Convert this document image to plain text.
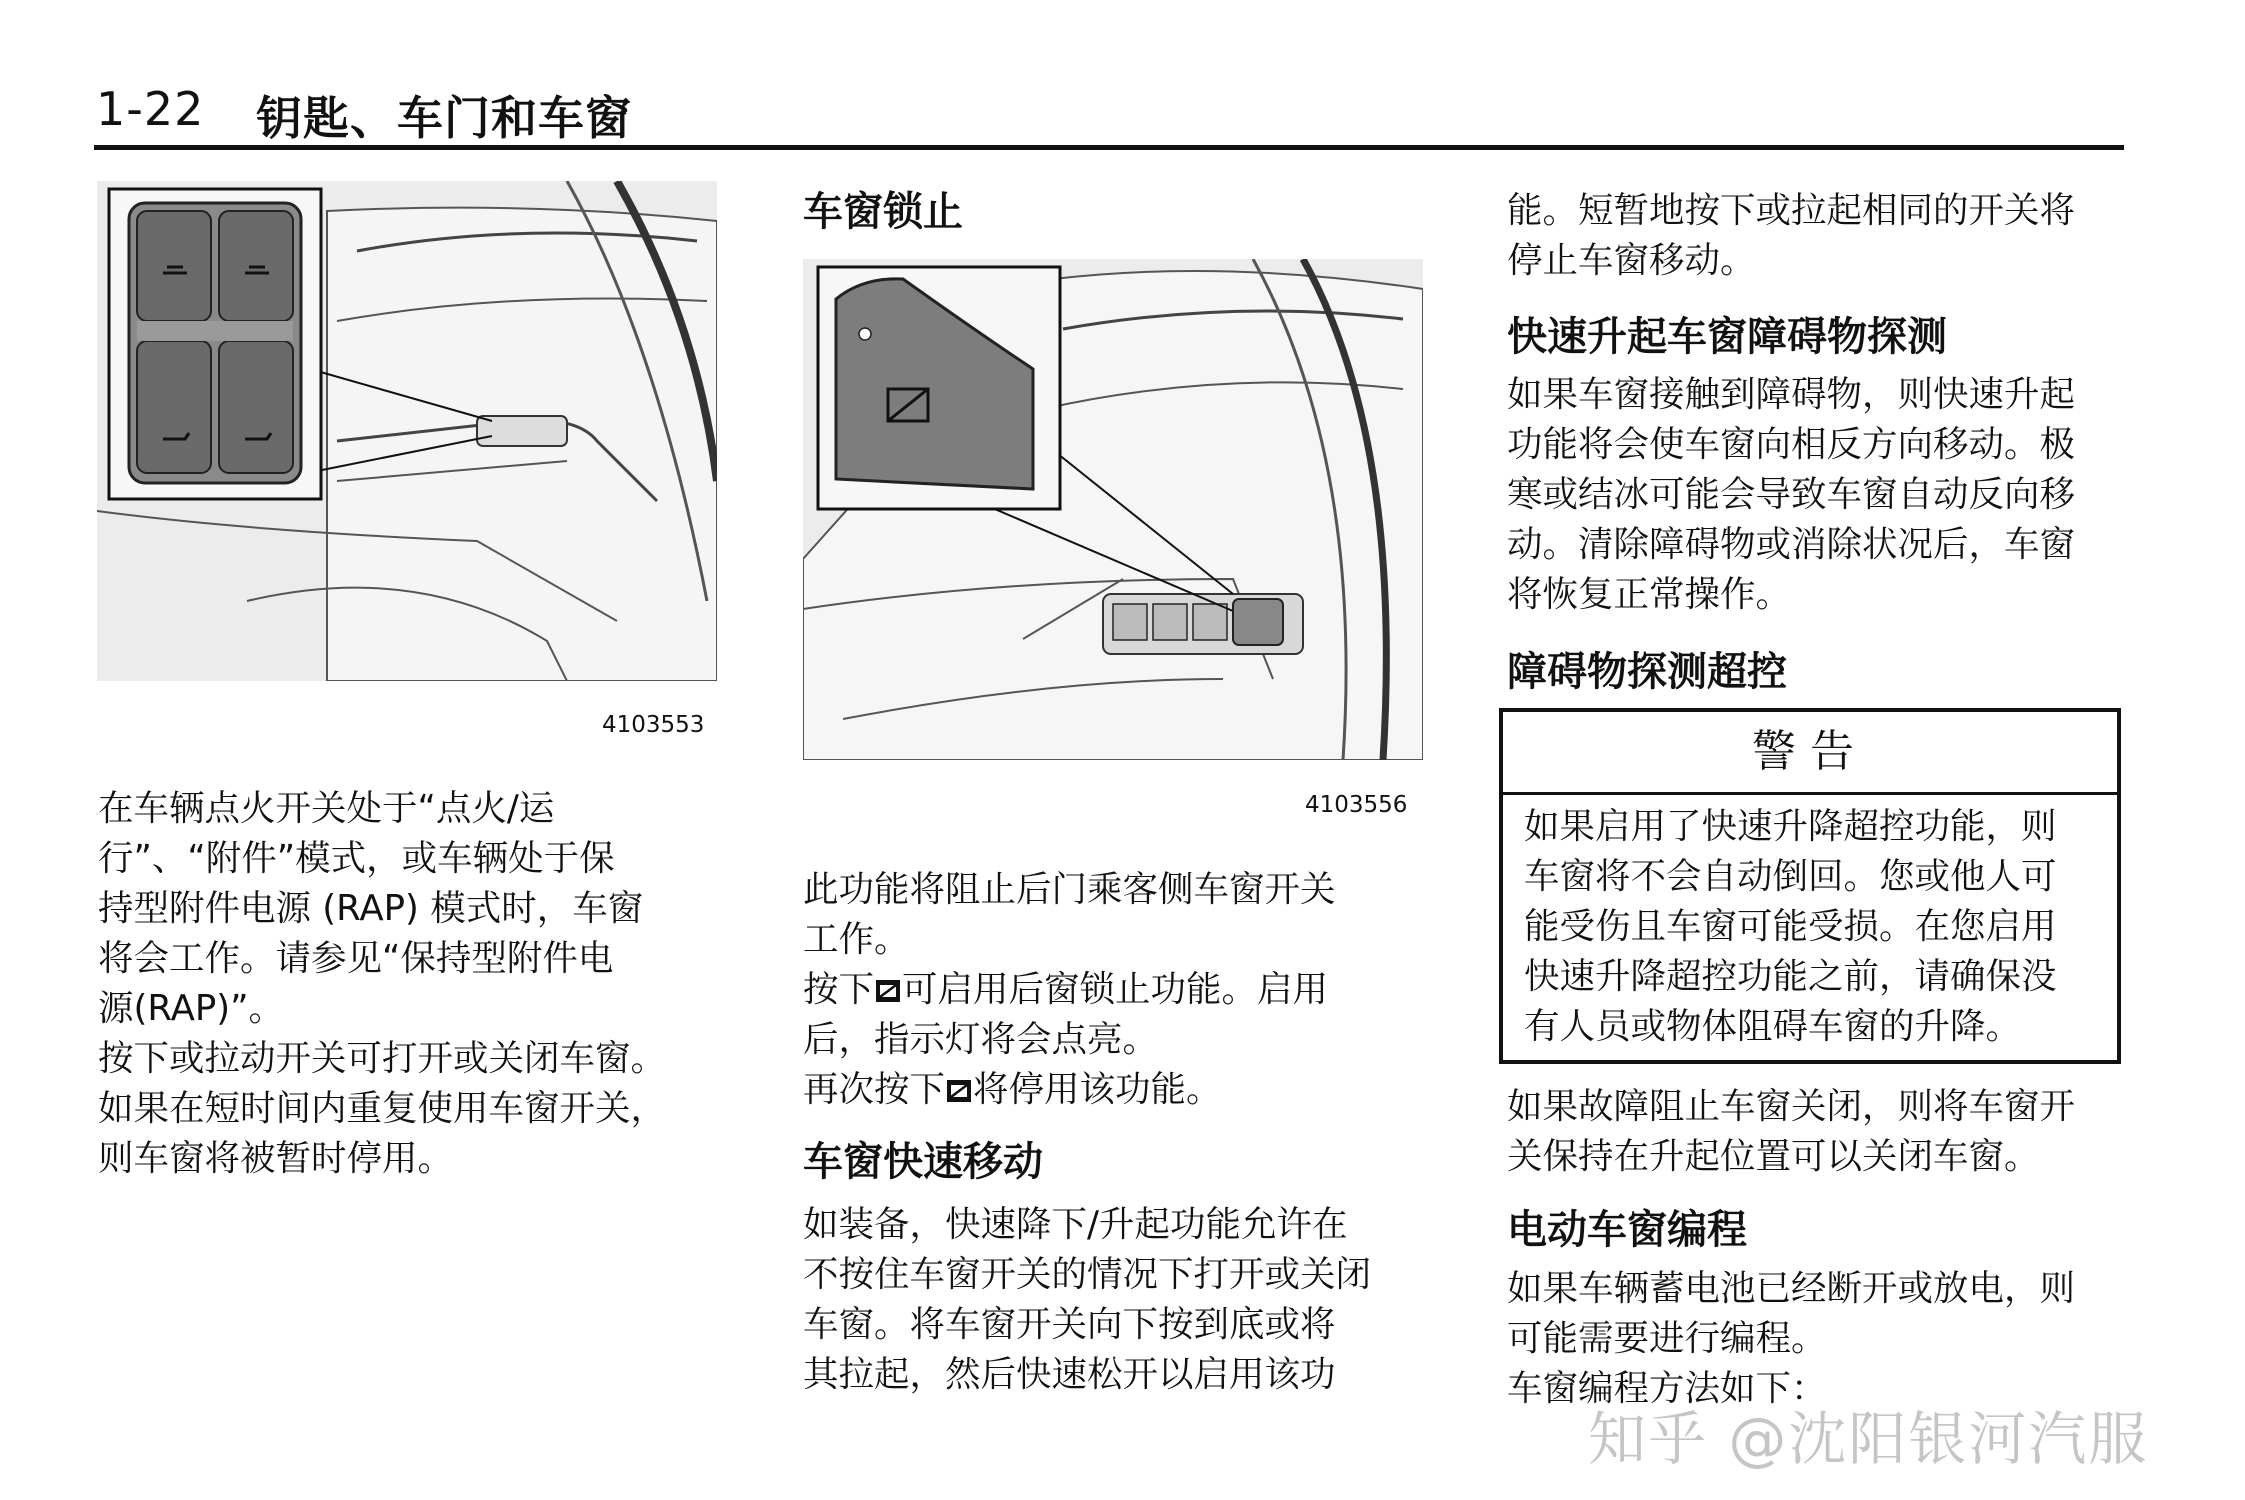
1-22 钥匙、车门和车窗
4103553
在车辆点火开关处于“点火/运
行”、“附件”模式，或车辆处于保
持型附件电源 (RAP) 模式时，车窗
将会工作。请参见“保持型附件电
源(RAP)”。
按下或拉动开关可打开或关闭车窗。
如果在短时间内重复使用车窗开关，
则车窗将被暂时停用。
车窗锁止
4103556
此功能将阻止后门乘客侧车窗开关
工作。
按下 可启用后窗锁止功能。启用
后，指示灯将会点亮。
再次按下 将停用该功能。
车窗快速移动
如装备，快速降下/升起功能允许在
不按住车窗开关的情况下打开或关闭
车窗。将车窗开关向下按到底或将
其拉起，然后快速松开以启用该功
能。短暂地按下或拉起相同的开关将
停止车窗移动。
快速升起车窗障碍物探测
如果车窗接触到障碍物，则快速升起
功能将会使车窗向相反方向移动。极
寒或结冰可能会导致车窗自动反向移
动。清除障碍物或消除状况后，车窗
将恢复正常操作。
障碍物探测超控
警告
如果启用了快速升降超控功能，则
车窗将不会自动倒回。您或他人可
能受伤且车窗可能受损。在您启用
快速升降超控功能之前，请确保没
有人员或物体阻碍车窗的升降。
如果故障阻止车窗关闭，则将车窗开
关保持在升起位置可以关闭车窗。
电动车窗编程
如果车辆蓄电池已经断开或放电，则
可能需要进行编程。
车窗编程方法如下：
知乎 @沈阳银河汽服
